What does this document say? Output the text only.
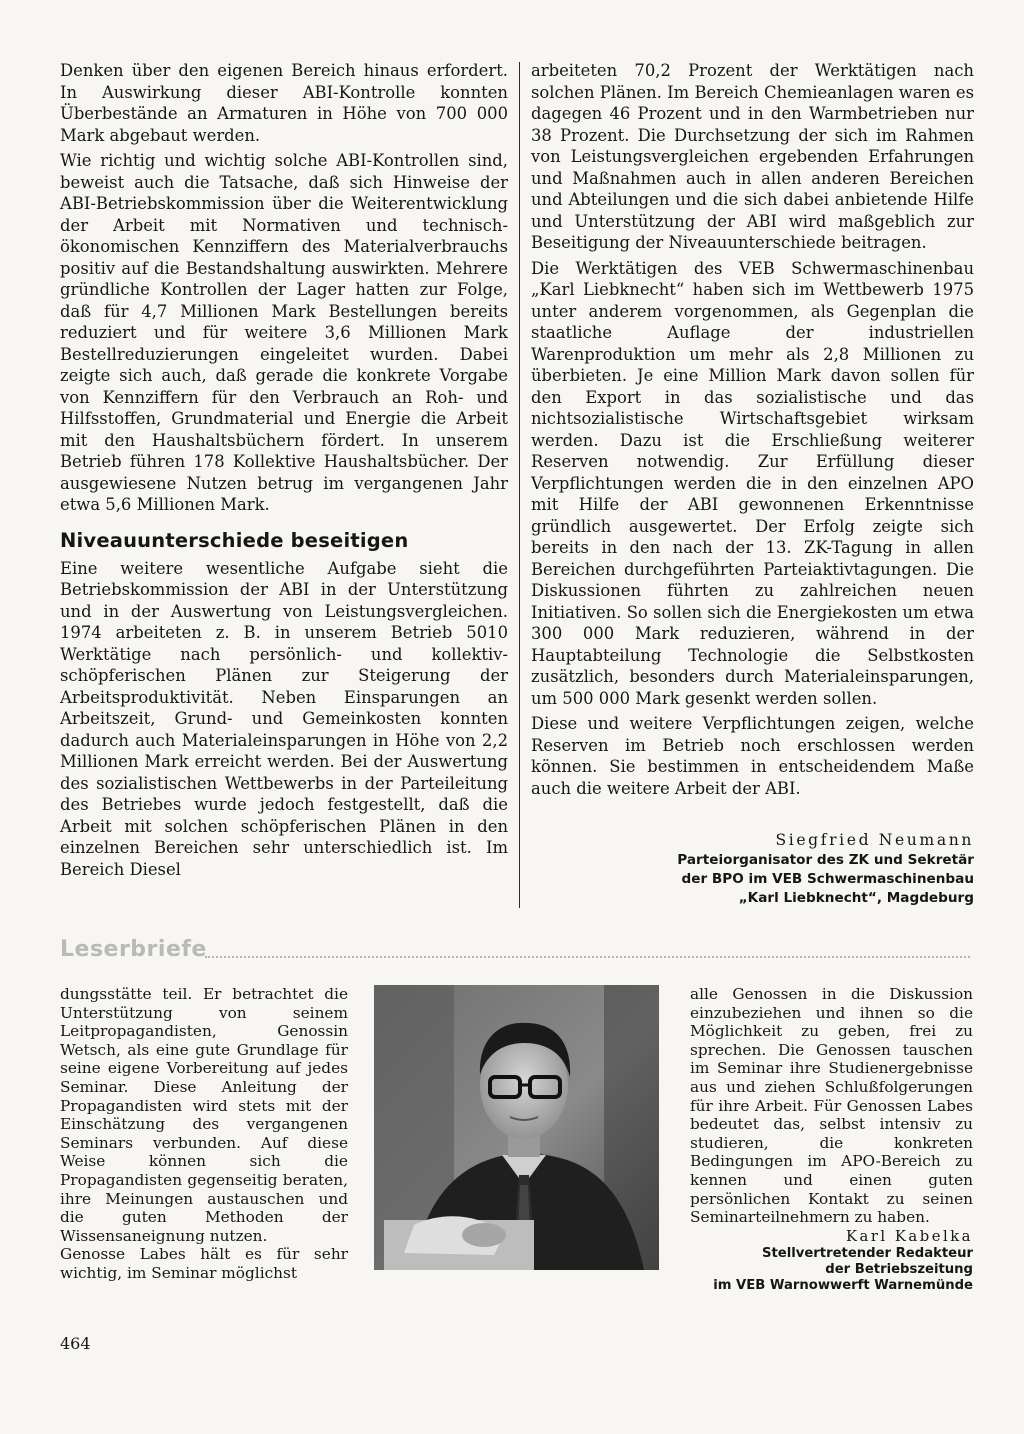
Denken über den eigenen Bereich hinaus erfordert. In Auswirkung dieser ABI-Kontrolle konnten Überbestände an Armaturen in Höhe von 700 000 Mark abgebaut werden.

Wie richtig und wichtig solche ABI-Kontrollen sind, beweist auch die Tatsache, daß sich Hinweise der ABI-Betriebskommission über die Weiterentwicklung der Arbeit mit Normativen und technisch-ökonomischen Kennziffern des Materialverbrauchs positiv auf die Bestandshaltung auswirkten. Mehrere gründliche Kontrollen der Lager hatten zur Folge, daß für 4,7 Millionen Mark Bestellungen bereits reduziert und für weitere 3,6 Millionen Mark Bestellreduzierungen eingeleitet wurden. Dabei zeigte sich auch, daß gerade die konkrete Vorgabe von Kennziffern für den Verbrauch an Roh- und Hilfsstoffen, Grundmaterial und Energie die Arbeit mit den Haushaltsbüchern fördert. In unserem Betrieb führen 178 Kollektive Haushaltsbücher. Der ausgewiesene Nutzen betrug im vergangenen Jahr etwa 5,6 Millionen Mark.

Niveauunterschiede beseitigen

Eine weitere wesentliche Aufgabe sieht die Betriebskommission der ABI in der Unterstützung und in der Auswertung von Leistungsvergleichen. 1974 arbeiteten z. B. in unserem Betrieb 5010 Werktätige nach persönlich- und kollektiv-schöpferischen Plänen zur Steigerung der Arbeitsproduktivität. Neben Einsparungen an Arbeitszeit, Grund- und Gemeinkosten konnten dadurch auch Materialeinsparungen in Höhe von 2,2 Millionen Mark erreicht werden. Bei der Auswertung des sozialistischen Wettbewerbs in der Parteileitung des Betriebes wurde jedoch festgestellt, daß die Arbeit mit solchen schöpferischen Plänen in den einzelnen Bereichen sehr unterschiedlich ist. Im Bereich Diesel

arbeiteten 70,2 Prozent der Werktätigen nach solchen Plänen. Im Bereich Chemieanlagen waren es dagegen 46 Prozent und in den Warmbetrieben nur 38 Prozent. Die Durchsetzung der sich im Rahmen von Leistungsvergleichen ergebenden Erfahrungen und Maßnahmen auch in allen anderen Bereichen und Abteilungen und die sich dabei anbietende Hilfe und Unterstützung der ABI wird maßgeblich zur Beseitigung der Niveauunterschiede beitragen.

Die Werktätigen des VEB Schwermaschinenbau „Karl Liebknecht“ haben sich im Wettbewerb 1975 unter anderem vorgenommen, als Gegenplan die staatliche Auflage der industriellen Warenproduktion um mehr als 2,8 Millionen zu überbieten. Je eine Million Mark davon sollen für den Export in das sozialistische und das nichtsozialistische Wirtschaftsgebiet wirksam werden. Dazu ist die Erschließung weiterer Reserven notwendig. Zur Erfüllung dieser Verpflichtungen werden die in den einzelnen APO mit Hilfe der ABI gewonnenen Erkenntnisse gründlich ausgewertet. Der Erfolg zeigte sich bereits in den nach der 13. ZK-Tagung in allen Bereichen durchgeführten Parteiaktivtagungen. Die Diskussionen führten zu zahlreichen neuen Initiativen. So sollen sich die Energiekosten um etwa 300 000 Mark reduzieren, während in der Hauptabteilung Technologie die Selbstkosten zusätzlich, besonders durch Materialeinsparungen, um 500 000 Mark gesenkt werden sollen.

Diese und weitere Verpflichtungen zeigen, welche Reserven im Betrieb noch erschlossen werden können. Sie bestimmen in entscheidendem Maße auch die weitere Arbeit der ABI.

Siegfried Neumann
Parteiorganisator des ZK und Sekretär
der BPO im VEB Schwermaschinenbau
„Karl Liebknecht“, Magdeburg
Leserbriefe

dungsstätte teil. Er betrachtet die Unterstützung von seinem Leitpropagandisten, Genossin Wetsch, als eine gute Grundlage für seine eigene Vorbereitung auf jedes Seminar. Diese Anleitung der Propagandisten wird stets mit der Einschätzung des vergangenen Seminars verbunden. Auf diese Weise können sich die Propagandisten gegenseitig beraten, ihre Meinungen austauschen und die guten Methoden der Wissensaneignung nutzen.

Genosse Labes hält es für sehr wichtig, im Seminar möglichst

alle Genossen in die Diskussion einzubeziehen und ihnen so die Möglichkeit zu geben, frei zu sprechen. Die Genossen tauschen im Seminar ihre Studienergebnisse aus und ziehen Schlußfolgerungen für ihre Arbeit. Für Genossen Labes bedeutet das, selbst intensiv zu studieren, die konkreten Bedingungen im APO-Bereich zu kennen und einen guten persönlichen Kontakt zu seinen Seminarteilnehmern zu haben.

Karl Kabelka
Stellvertretender Redakteur
der Betriebszeitung
im VEB Warnowwerft Warnemünde
464
